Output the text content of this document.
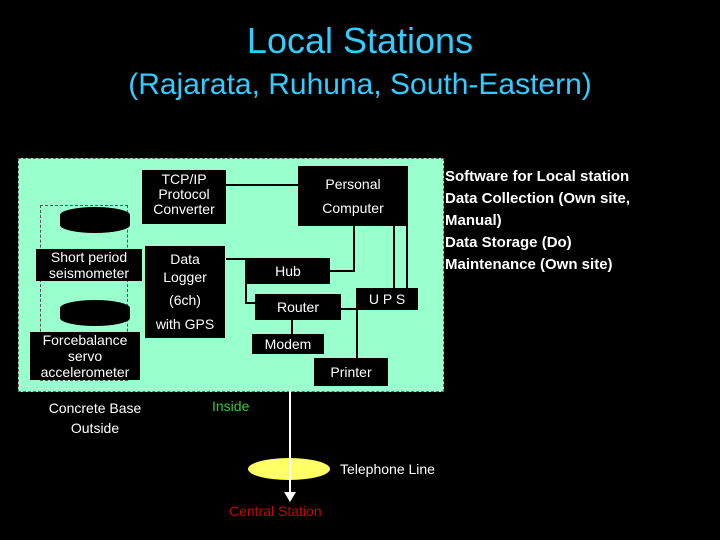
Local Stations
(Rajarata, Ruhuna, South-Eastern)
TCP/IP
Protocol
Converter
Personal
Computer
Data
Logger
(6ch)
with GPS
Hub
Router	U P S
Modem
Printer
Short period
seismometer
Forcebalance
servo
accelerometer
Concrete Base
Outside
Inside
Telephone Line
Central Station
Software for Local station
Data Collection (Own site,
Manual)
Data Storage (Do)
Maintenance (Own site)
